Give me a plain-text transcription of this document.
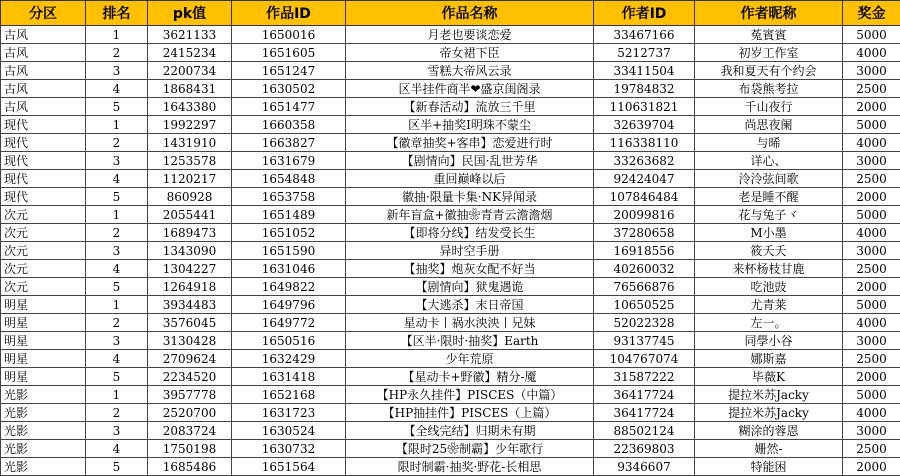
分区	排名	pk值	作品ID	作品名称	作者ID	作者昵称	奖金
古风	1	3621133	1650016	月老也要谈恋爱	33467166	菟賓賓	5000
古风	2	2415234	1651605	帝女裙下臣	5212737	初岁工作室	4000
古风	3	2200734	1651247	雪糕大帝风云录	33411504	我和夏天有个约会	3000
古风	4	1868431	1630502	区半挂件商半❤盛京闺阁录	19784832	布袋熊考拉	2500
古风	5	1643380	1651477	【新春活动】流放三千里	110631821	千山夜行	2000
现代	1	1992297	1660358	区半+抽奖I明珠不蒙尘	32639704	尚思夜阑	5000
现代	2	1431910	1663827	【徽章抽奖+客串】恋爱进行时	116338110	与晞	4000
现代	3	1253578	1631679	【剧情向】民国·乱世芳华	33263682	详心、	3000
现代	4	1120217	1654848	重回巅峰以后	92424047	泠泠弦间歌	2500
现代	5	860928	1653758	徽抽·限量卡集·NK异闻录	107846484	老是睡不醒	2000
次元	1	2055441	1651489	新年盲盒+徽抽❀青青云澹澹烟	20099816	花与兔子ヾ	5000
次元	2	1689473	1651052	【即将分线】结发受长生	37280658	M小墨	4000
次元	3	1343090	1651590	异时空手册	16918556	筱夭夭	3000
次元	4	1304227	1631046	【抽奖】炮灰女配不好当	40260032	来杯杨枝甘鹿	2500
次元	5	1264918	1649822	【剧情向】狱鬼遇诡	76566876	吃池豉	2000
明星	1	3934483	1649796	【大逃杀】末日帝国	10650525	尤青莱	5000
明星	2	3576045	1649772	星动卡丨祸水泱泱丨兄妹	52022328	左一。	4000
明星	3	3130428	1650516	【区半·限时·抽奖】Earth	93137745	同學小谷	3000
明星	4	2709624	1632429	少年荒原	104767074	娜斯嘉	2500
明星	5	2234520	1631418	【星动卡+野徽】精分-魇	31587222	毕薇K	2000
光影	1	3957778	1652168	【HP永久挂件】PISCES（中篇）	36417724	提拉米苏Jacky	5000
光影	2	2520700	1631723	【HP抽挂件】PISCES（上篇）	36417724	提拉米苏Jacky	4000
光影	3	2083724	1630524	【全线完结】归期未有期	88502124	糊涂的蓉恩	3000
光影	4	1750198	1630732	【限时25❀制霸】少年歌行	22369803	姗然-	2500
光影	5	1685486	1651564	限时制霸·抽奖·野花-长相思	9346607	特能困	2000
